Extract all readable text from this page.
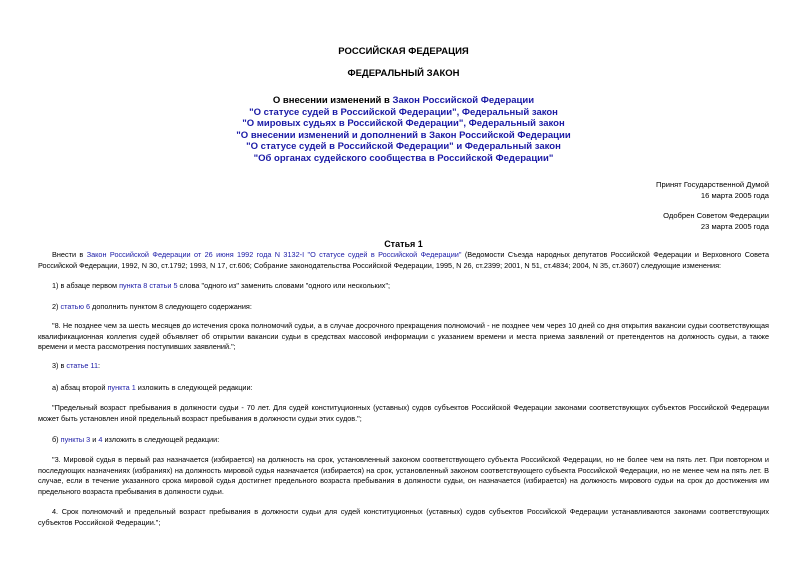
РОССИЙСКАЯ ФЕДЕРАЦИЯ
ФЕДЕРАЛЬНЫЙ ЗАКОН
О внесении изменений в Закон Российской Федерации
"О статусе судей в Российской Федерации", Федеральный закон
"О мировых судьях в Российской Федерации", Федеральный закон
"О внесении изменений и дополнений в Закон Российской Федерации
"О статусе судей в Российской Федерации" и Федеральный закон
"Об органах судейского сообщества в Российской Федерации"
Принят Государственной Думой
16 марта 2005 года
Одобрен Советом Федерации
23 марта 2005 года
Статья 1
Внести в Закон Российской Федерации от 26 июня 1992 года N 3132-I "О статусе судей в Российской Федерации" (Ведомости Съезда народных депутатов Российской Федерации и Верховного Совета Российской Федерации, 1992, N 30, ст.1792; 1993, N 17, ст.606; Собрание законодательства Российской Федерации, 1995, N 26, ст.2399; 2001, N 51, ст.4834; 2004, N 35, ст.3607) следующие изменения:
1) в абзаце первом пункта 8 статьи 5 слова "одного из" заменить словами "одного или нескольких";
2) статью 6 дополнить пунктом 8 следующего содержания:
"8. Не позднее чем за шесть месяцев до истечения срока полномочий судьи, а в случае досрочного прекращения полномочий - не позднее чем через 10 дней со дня открытия вакансии судьи соответствующая квалификационная коллегия судей объявляет об открытии вакансии судьи в средствах массовой информации с указанием времени и места приема заявлений от претендентов на должность судьи, а также времени и места рассмотрения поступивших заявлений.";
3) в статье 11:
а) абзац второй пункта 1 изложить в следующей редакции:
"Предельный возраст пребывания в должности судьи - 70 лет. Для судей конституционных (уставных) судов субъектов Российской Федерации законами соответствующих субъектов Российской Федерации может быть установлен иной предельный возраст пребывания в должности судьи этих судов.";
б) пункты 3 и 4 изложить в следующей редакции:
"3. Мировой судья в первый раз назначается (избирается) на должность на срок, установленный законом соответствующего субъекта Российской Федерации, но не более чем на пять лет. При повторном и последующих назначениях (избраниях) на должность мировой судья назначается (избирается) на срок, установленный законом соответствующего субъекта Российской Федерации, но не менее чем на пять лет. В случае, если в течение указанного срока мировой судья достигнет предельного возраста пребывания в должности судьи, он назначается (избирается) на должность мирового судьи на срок до достижения им предельного возраста пребывания в должности судьи.
4. Срок полномочий и предельный возраст пребывания в должности судьи для судей конституционных (уставных) судов субъектов Российской Федерации устанавливаются законами соответствующих субъектов Российской Федерации.";
